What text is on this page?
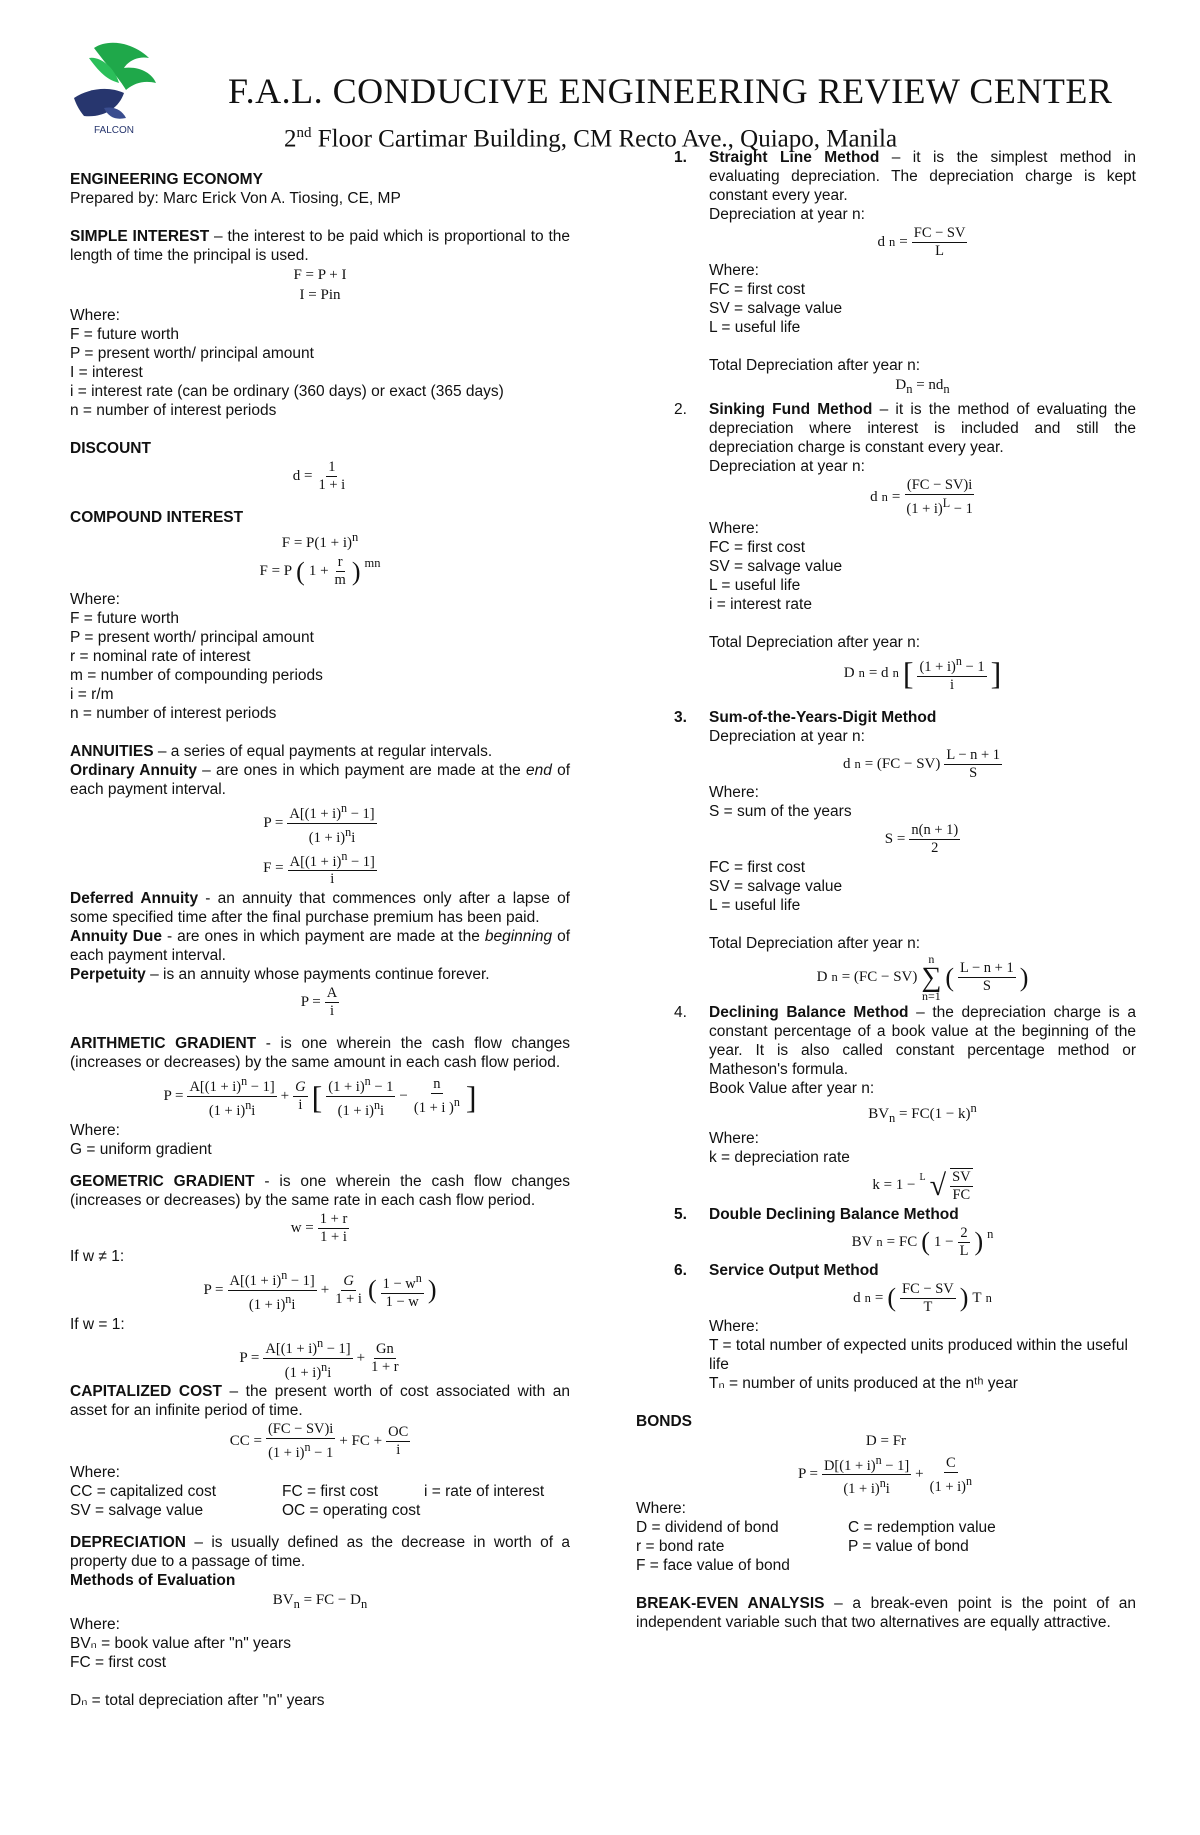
FALCON
F.A.L. CONDUCIVE ENGINEERING REVIEW CENTER
2nd Floor Cartimar Building, CM Recto Ave., Quiapo, Manila

ENGINEERING ECONOMY

Prepared by: Marc Erick Von A. Tiosing, CE, MP

SIMPLE INTEREST – the interest to be paid which is proportional to the length of time the principal is used.

F = P + I
I = Pin

Where:

F = future worth

P = present worth/ principal amount

I = interest

i = interest rate (can be ordinary (360 days) or exact (365 days)

n = number of interest periods

DISCOUNT

d =
1
1 + i

COMPOUND INTEREST

$F = P(1 + i)^n$
F = P ( 1 +
r
m ) $^{mn}$

Where:

F = future worth

P = present worth/ principal amount

r = nominal rate of interest

m = number of compounding periods

i = r/m

n = number of interest periods

ANNUITIES – a series of equal payments at regular intervals.

Ordinary Annuity – are ones in which payment are made at the end of each payment interval.

P =
$A[(1 + i)^n - 1]$
$(1 + i)^ni$
$F = A[(1 + i)^n - 1]$
i

Deferred Annuity - an annuity that commences only after a lapse of some specified time after the final purchase premium has been paid.

Annuity Due - are ones in which payment are made at the beginning of each payment interval.

Perpetuity – is an annuity whose payments continue forever.

P =
A
i

ARITHMETIC GRADIENT - is one wherein the cash flow changes (increases or decreases) by the same amount in each cash flow period.

P =
$A[(1 + i)^n - 1]$
$(1 + i)^ni$
+
G
i [ $(1 + i)^n - 1$
$(1 + i)^ni$
−
n
(1 + i )$^n$ ]

Where:

G = uniform gradient

GEOMETRIC GRADIENT - is one wherein the cash flow changes (increases or decreases) by the same rate in each cash flow period.

w =
1 + r
1 + i

If w ≠ 1:

P =
$A[(1 + i)^n - 1]$
$(1 + i)^ni$
+
G
1 + i ( $1 - w^n$
1 − w )

If w = 1:

P =
$A[(1 + i)^n - 1]$
$(1 + i)^ni$
+
Gn
1 + r

CAPITALIZED COST – the present worth of cost associated with an asset for an infinite period of time.

CC =
(FC − SV)i
$(1 + i)^n - 1$
+ FC +
OC
i

Where:

CC = capitalized cost
SV = salvage value
FC = first cost
OC = operating cost
i = rate of interest

DEPRECIATION – is usually defined as the decrease in worth of a property due to a passage of time.

Methods of Evaluation

$BV_n$ = FC − $D_n$

Where:

BVₙ = book value after "n" years

FC = first cost

Dₙ = total depreciation after "n" years

1. Straight Line Method – it is the simplest method in evaluating depreciation. The depreciation charge is kept constant every year.

Depreciation at year n:

d n =
FC − SV
L

Where:

FC = first cost

SV = salvage value

L = useful life

Total Depreciation after year n:

$D_n = nd_n$
2. Sinking Fund Method – it is the method of evaluating the depreciation where interest is included and still the depreciation charge is constant every year.

Depreciation at year n:

d n =
(FC − SV)i
$(1 + i)^L - 1$

Where:

FC = first cost

SV = salvage value

L = useful life

i = interest rate

Total Depreciation after year n:

D n = d n [ $(1 + i)^n - 1$
i ]
3. Sum-of-the-Years-Digit Method

Depreciation at year n:

d n = (FC − SV)
L − n + 1
S

Where:

S = sum of the years

S =
n(n + 1)
2

FC = first cost

SV = salvage value

L = useful life

Total Depreciation after year n:

D n = (FC − SV)
n
∑
n=1
( L − n + 1
S )
4. Declining Balance Method – the depreciation charge is a constant percentage of a book value at the beginning of the year. It is also called constant percentage method or Matheson's formula.

Book Value after year n:

$BV_n = FC(1 - k)^n$

Where:

k = depreciation rate

k = 1 − L √ SV
FC
5. Double Declining Balance Method

BV n = FC ( 1 −
2
L ) $^n$
6. Service Output Method

d n = ( FC − SV
T ) T n

Where:

T = total number of expected units produced within the useful life

Tₙ = number of units produced at the nᵗʰ year

BONDS

D = Fr
P =
$D[(1 + i)^n - 1]$
$(1 + i)^ni$
+
C
$(1 + i)^n$

Where:

D = dividend of bond
r = bond rate
F = face value of bond
C = redemption value
P = value of bond

BREAK-EVEN ANALYSIS – a break-even point is the point of an independent variable such that two alternatives are equally attractive.
